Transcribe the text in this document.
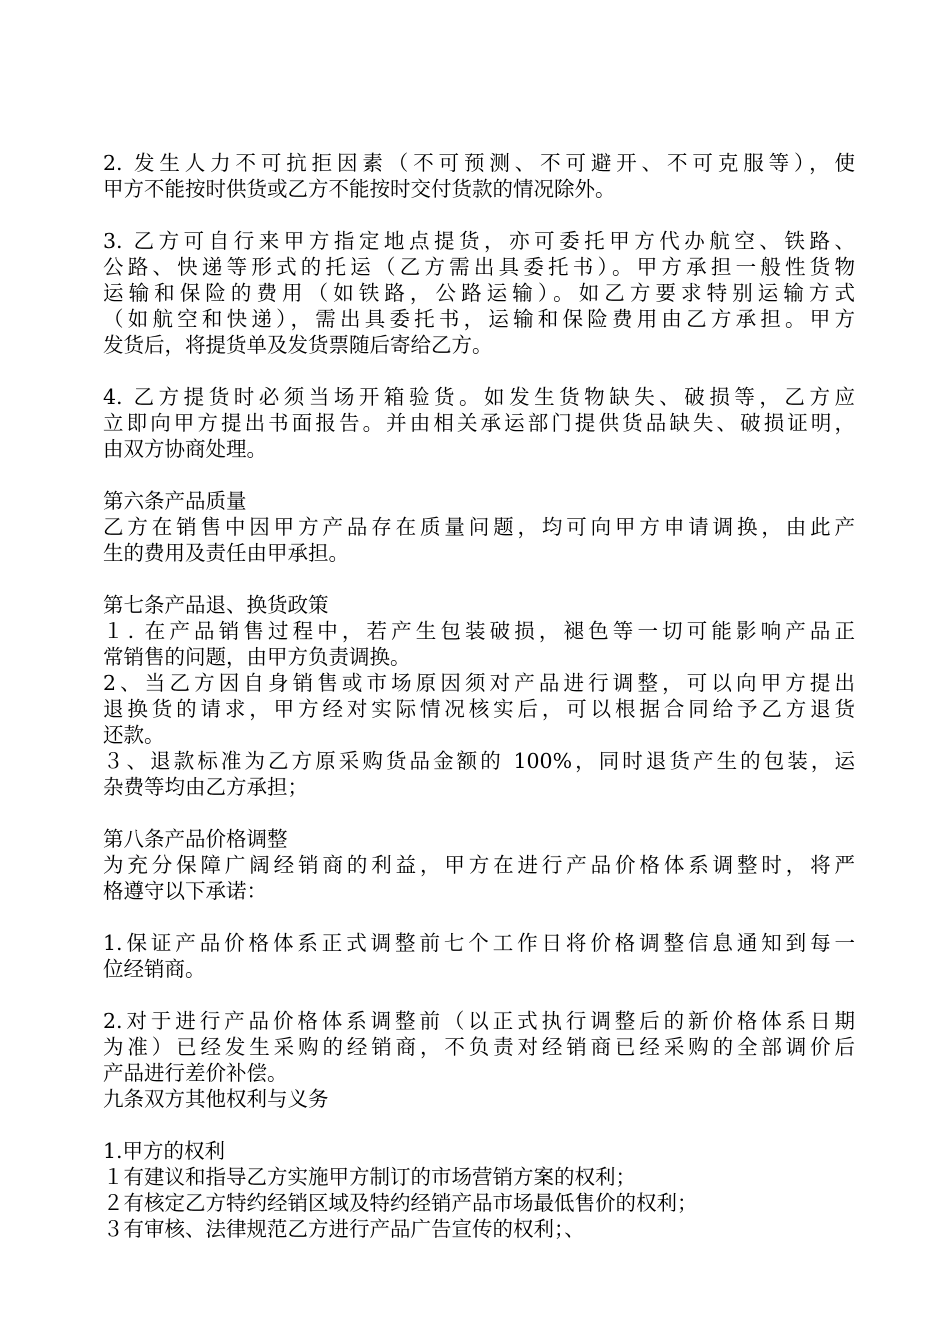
2. 发生人力不可抗拒因素（不可预测、不可避开、不可克服等），使
甲方不能按时供货或乙方不能按时交付货款的情况除外。
3. 乙方可自行来甲方指定地点提货，亦可委托甲方代办航空、铁路、
公路、快递等形式的托运（乙方需出具委托书）。甲方承担一般性货物
运输和保险的费用（如铁路，公路运输）。如乙方要求特别运输方式
（如航空和快递），需出具委托书，运输和保险费用由乙方承担。甲方
发货后，将提货单及发货票随后寄给乙方。
4. 乙方提货时必须当场开箱验货。如发生货物缺失、破损等，乙方应
立即向甲方提出书面报告。并由相关承运部门提供货品缺失、破损证明，
由双方协商处理。
第六条产品质量
乙方在销售中因甲方产品存在质量问题，均可向甲方申请调换，由此产
生的费用及责任由甲承担。
第七条产品退、换货政策
１. 在产品销售过程中，若产生包装破损，褪色等一切可能影响产品正
常销售的问题，由甲方负责调换。
2、当乙方因自身销售或市场原因须对产品进行调整，可以向甲方提出
退换货的请求，甲方经对实际情况核实后，可以根据合同给予乙方退货
还款。
３、退款标准为乙方原采购货品金额的 100%，同时退货产生的包装，运
杂费等均由乙方承担；
第八条产品价格调整
为充分保障广阔经销商的利益，甲方在进行产品价格体系调整时，将严
格遵守以下承诺：
1.保证产品价格体系正式调整前七个工作日将价格调整信息通知到每一
位经销商。
2.对于进行产品价格体系调整前（以正式执行调整后的新价格体系日期
为准）已经发生采购的经销商，不负责对经销商已经采购的全部调价后
产品进行差价补偿。
九条双方其他权利与义务
1.甲方的权利
１有建议和指导乙方实施甲方制订的市场营销方案的权利；
２有核定乙方特约经销区域及特约经销产品市场最低售价的权利；
３有审核、法律规范乙方进行产品广告宣传的权利；、
